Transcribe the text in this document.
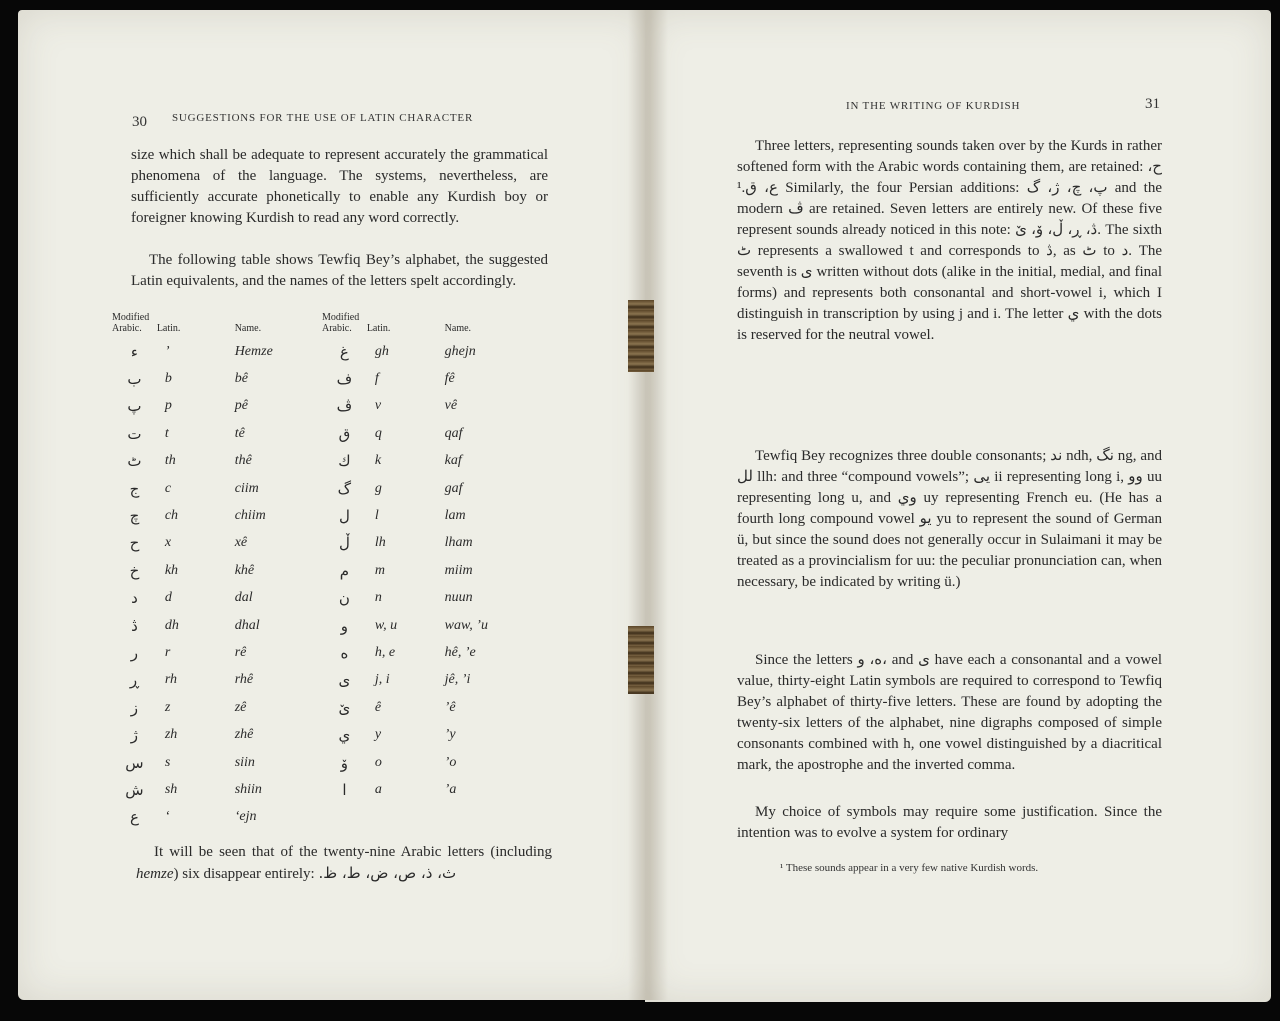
30 SUGGESTIONS FOR THE USE OF LATIN CHARACTER

size which shall be adequate to represent accurately the grammatical phenomena of the language. The systems, nevertheless, are sufficiently accurate phonetically to enable any Kurdish boy or foreigner knowing Kurdish to read any word correctly.

The following table shows Tewfiq Bey’s alphabet, the suggested Latin equivalents, and the names of the letters spelt accordingly.

Modified Arabic.	Latin.	Name.	Modified Arabic.	Latin.	Name.
ء	’	Hemze	غ	gh	ghejn
ب	b	bê	ف	f	fê
پ	p	pê	ڤ	v	vê
ت	t	tê	ق	q	qaf
ٹ	th	thê	ك	k	kaf
ج	c	ciim	گ	g	gaf
چ	ch	chiim	ل	l	lam
ح	x	xê	ڵ	lh	lham
خ	kh	khê	م	m	miim
د	d	dal	ن	n	nuun
ڎ	dh	dhal	و	w, u	waw, ’u
ر	r	rê	ە	h, e	hê, ’e
ڕ	rh	rhê	ی	j, i	jê, ’i
ز	z	zê	ێ	ê	’ê
ژ	zh	zhê	ي	y	’y
س	s	siin	ۆ	o	’o
ش	sh	shiin	ا	a	’a
ع	‘	‘ejn			

It will be seen that of the twenty-nine Arabic letters (including hemze) six disappear entirely: ث، ذ، ص، ض، ط، ظ.

IN THE WRITING OF KURDISH	31

Three letters, representing sounds taken over by the Kurds in rather softened form with the Arabic words containing them, are retained: ح، ع، ق.¹ Similarly, the four Persian additions: پ، چ، ژ، گ and the modern ڤ are retained. Seven letters are entirely new. Of these five represent sounds already noticed in this note: ڎ، ڕ، ڵ، ۆ، ێ. The sixth ٹ represents a swallowed t and corresponds to ڎ, as ٹ to د. The seventh is ی written without dots (alike in the initial, medial, and final forms) and represents both consonantal and short-vowel i, which I distinguish in transcription by using j and i. The letter ي with the dots is reserved for the neutral vowel.

Tewfiq Bey recognizes three double consonants; ند ndh, نگ ng, and لل llh: and three “compound vowels”; یی ii representing long i, وو uu representing long u, and وي uy representing French eu. (He has a fourth long compound vowel یو yu to represent the sound of German ü, but since the sound does not generally occur in Sulaimani it may be treated as a provincialism for uu: the peculiar pronunciation can, when necessary, be indicated by writing ü.)

Since the letters ە، و، and ی have each a consonantal and a vowel value, thirty-eight Latin symbols are required to correspond to Tewfiq Bey’s alphabet of thirty-five letters. These are found by adopting the twenty-six letters of the alphabet, nine digraphs composed of simple consonants combined with h, one vowel distinguished by a diacritical mark, the apostrophe and the inverted comma.

My choice of symbols may require some justification. Since the intention was to evolve a system for ordinary

¹ These sounds appear in a very few native Kurdish words.
